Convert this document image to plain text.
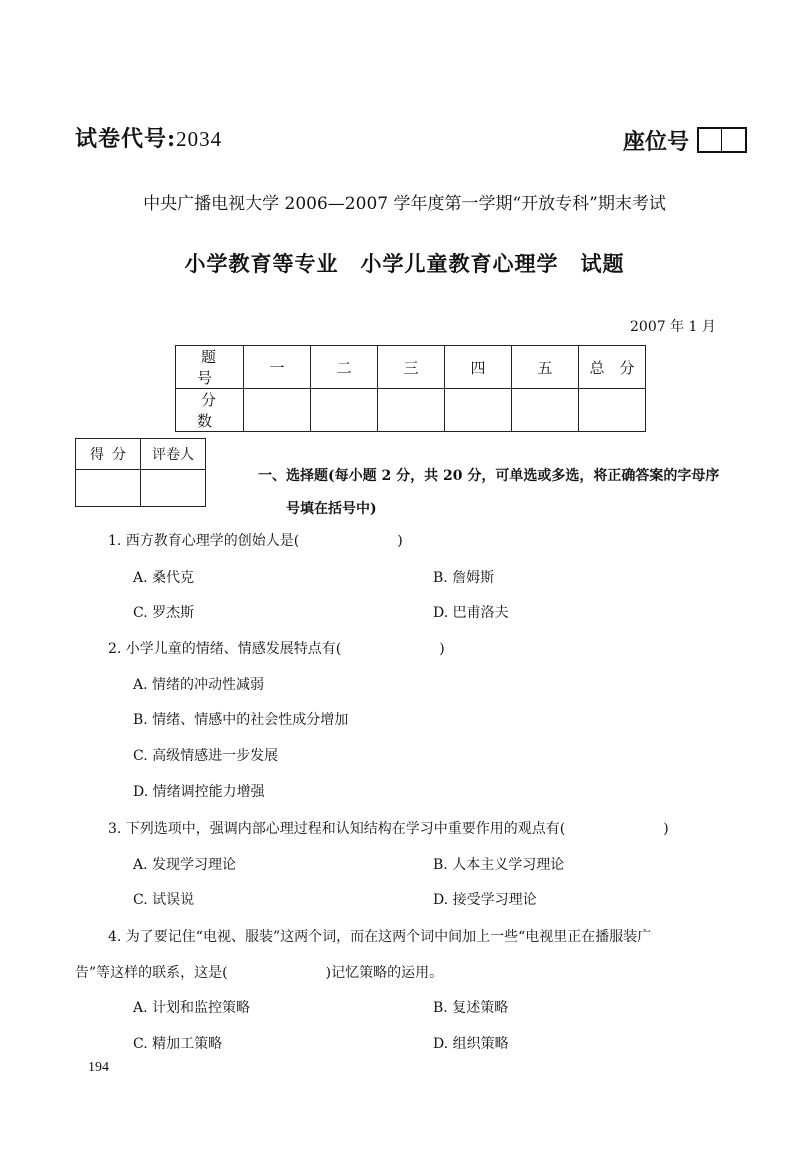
试卷代号:2034	座位号
中央广播电视大学 2006—2007 学年度第一学期“开放专科”期末考试
小学教育等专业　小学儿童教育心理学　试题
2007 年 1 月
题　号	一	二	三	四	五	总　分
分　数						
得分	评卷人

一、选择题(每小题 2 分，共 20 分，可单选或多选，将正确答案的字母序
号填在括号中)
1. 西方教育心理学的创始人是(　　　　　　　)
A. 桑代克	B. 詹姆斯
C. 罗杰斯	D. 巴甫洛夫
2. 小学儿童的情绪、情感发展特点有(　　　　　　　)
A. 情绪的冲动性减弱
B. 情绪、情感中的社会性成分增加
C. 高级情感进一步发展
D. 情绪调控能力增强
3. 下列选项中，强调内部心理过程和认知结构在学习中重要作用的观点有(　　　　　　　)
A. 发现学习理论	B. 人本主义学习理论
C. 试误说	D. 接受学习理论
4. 为了要记住“电视、服装”这两个词，而在这两个词中间加上一些“电视里正在播服装广
告”等这样的联系，这是(　　　　　　　)记忆策略的运用。
A. 计划和监控策略	B. 复述策略
C. 精加工策略	D. 组织策略
194
